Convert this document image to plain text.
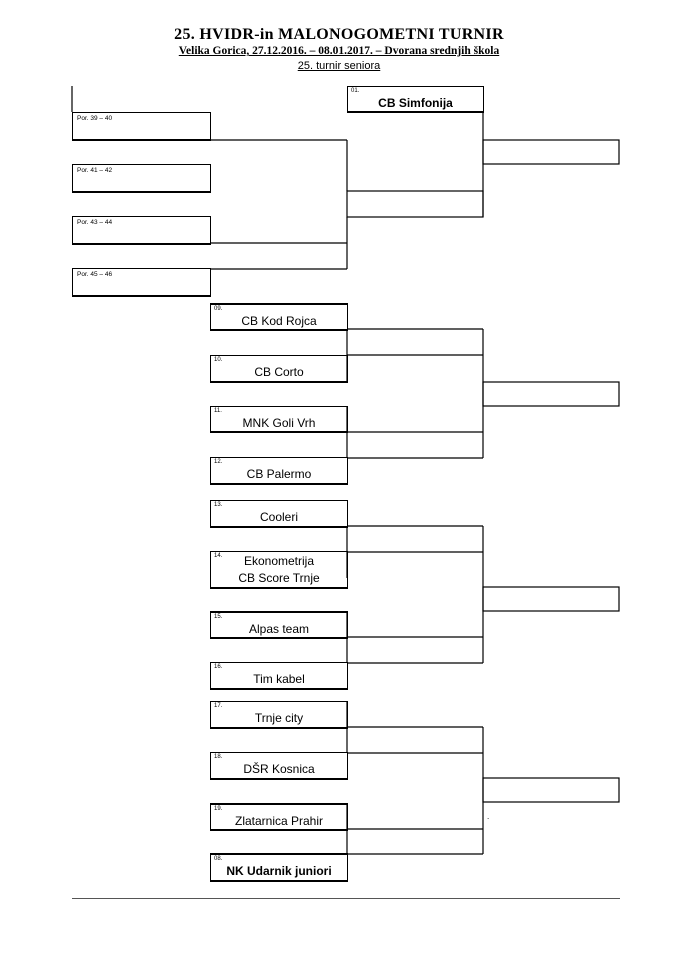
25. HVIDR-in MALONOGOMETNI TURNIR
Velika Gorica, 27.12.2016. – 08.01.2017. – Dvorana srednjih škola
25. turnir seniora
01.
CB Simfonija
Por. 39 – 40
Por. 41 – 42
Por. 43 – 44
Por. 45 – 46
09.
CB Kod Rojca
10.
CB Corto
11.
MNK Goli Vrh
12.
CB Palermo
13.
Cooleri
14. Ekonometrija
CB Score Trnje
15.
Alpas team
16.
Tim kabel
17.
Trnje city
18.
DŠR Kosnica
19.
Zlatarnica Prahir
08.
NK Udarnik juniori
.
